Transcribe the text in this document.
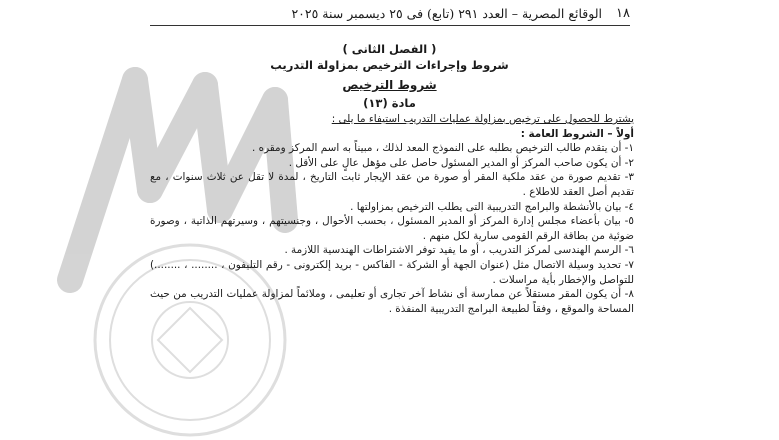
١٨
الوقائع المصرية – العدد ٢٩١ (تابع) فى ٢٥ ديسمبر سنة ٢٠٢٥
( الفصل الثانى )
شروط وإجراءات الترخيص بمزاولة التدريب
شروط الترخيص
مادة (١٣)

يشترط للحصول على ترخيص بمزاولة عمليات التدريب استيفاء ما يلى :

أولاً – الشروط العامة :

١- أن يتقدم طالب الترخيص بطلبه على النموذج المعد لذلك ، مبيناً به اسم المركز ومقره .

٢- أن يكون صاحب المركز أو المدير المسئول حاصل على مؤهل عالٍ على الأقل .

٣- تقديم صورة من عقد ملكية المقر أو صورة من عقد الإيجار ثابت التاريخ ، لمدة لا تقل عن ثلاث سنوات ، مع تقديم أصل العقد للاطلاع .

٤- بيان بالأنشطة والبرامج التدريبية التى يطلب الترخيص بمزاولتها .

٥- بيان بأعضاء مجلس إدارة المركز أو المدير المسئول ، بحسب الأحوال ، وجنسيتهم ، وسيرتهم الذاتية ، وصورة ضوئية من بطاقة الرقم القومى سارية لكل منهم .

٦- الرسم الهندسى لمركز التدريب ، أو ما يفيد توفر الاشتراطات الهندسية اللازمة .

٧- تحديد وسيلة الاتصال مثل (عنوان الجهة أو الشركة - الفاكس - بريد إلكترونى - رقم التليفون ، ........ ، ........) للتواصل والإخطار بأية مراسلات .

٨- أن يكون المقر مستقلاً عن ممارسة أى نشاط آخر تجارى أو تعليمى ، وملائماً لمزاولة عمليات التدريب من حيث المساحة والموقع ، وفقاً لطبيعة البرامج التدريبية المنفذة .
